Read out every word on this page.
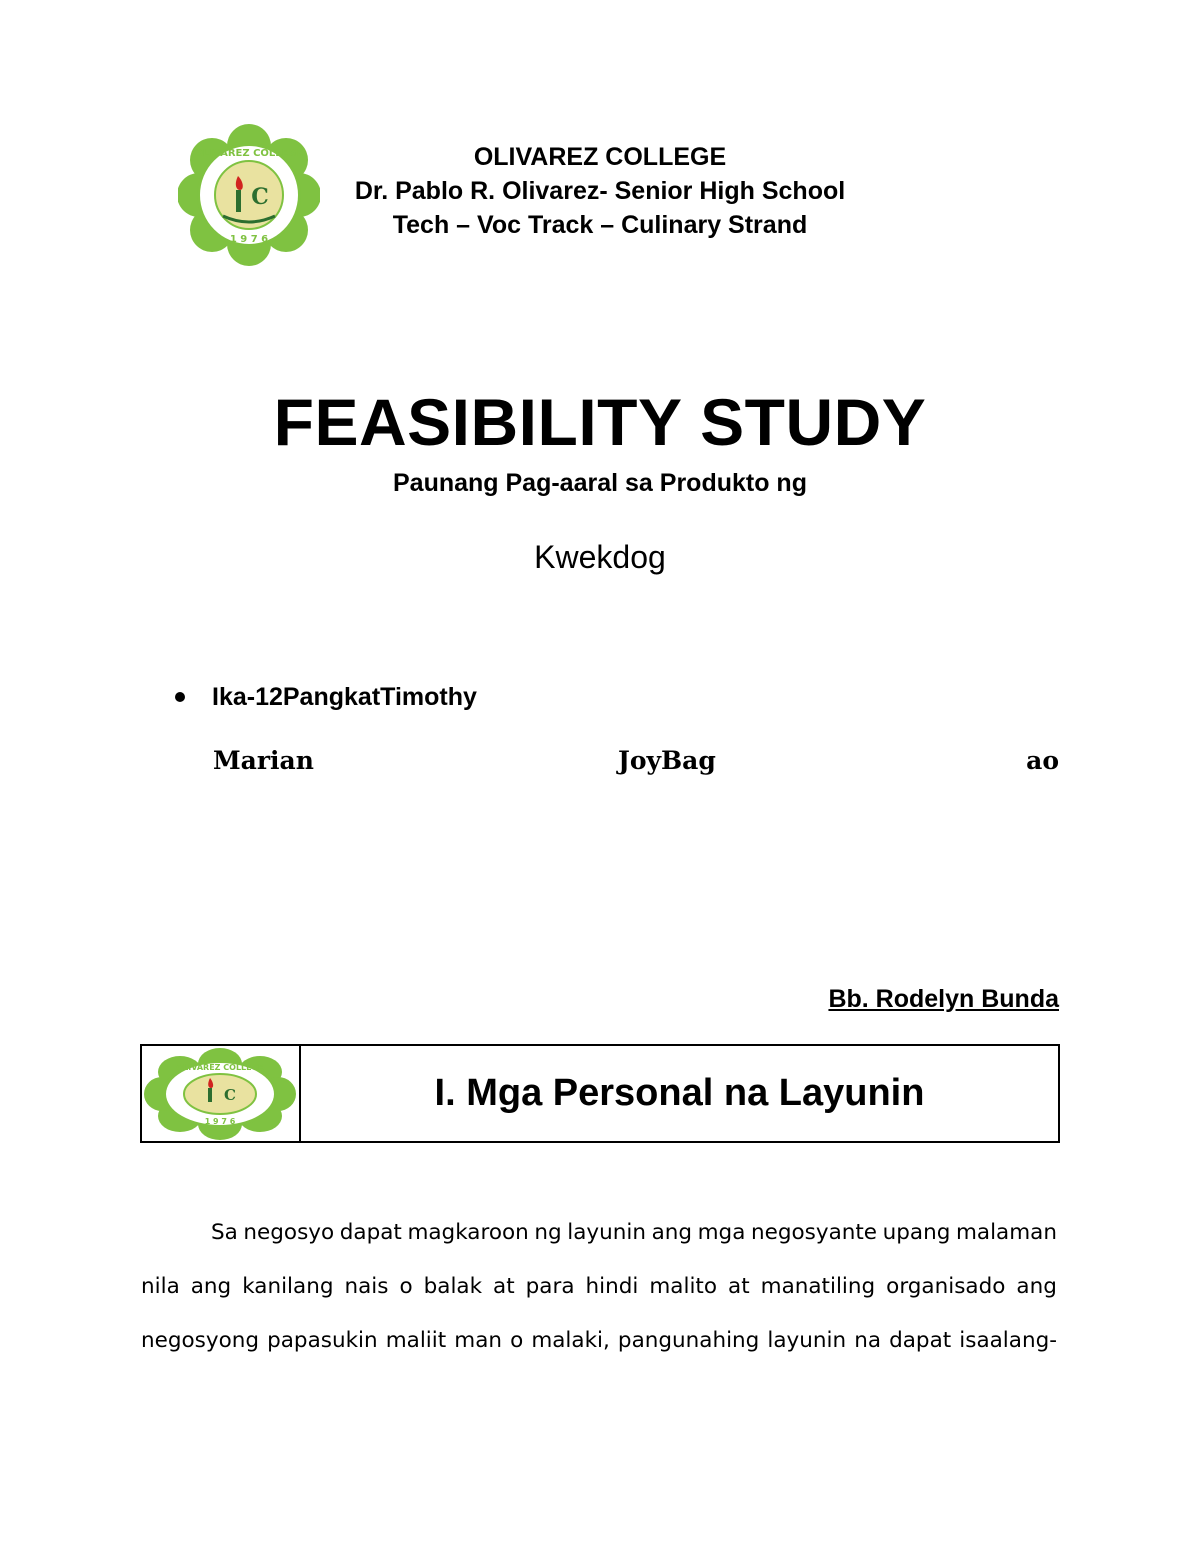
C
OLIVAREZ COLLEGE
1 9 7 6
OLIVAREZ COLLEGE
Dr. Pablo R. Olivarez- Senior High School
Tech – Voc Track – Culinary Strand
FEASIBILITY STUDY
Paunang Pag-aaral sa Produkto ng
Kwekdog
Ika-12PangkatTimothy
Marian	JoyBag	ao
Bb. Rodelyn Bunda
C
OLIVAREZ COLLEGE
1 9 7 6
I. Mga Personal na Layunin
Sa negosyo dapat magkaroon ng layunin ang mga negosyante upang malaman
nila ang kanilang nais o balak at para hindi malito at manatiling organisado ang
negosyong papasukin maliit man o malaki, pangunahing layunin na dapat isaalang-
